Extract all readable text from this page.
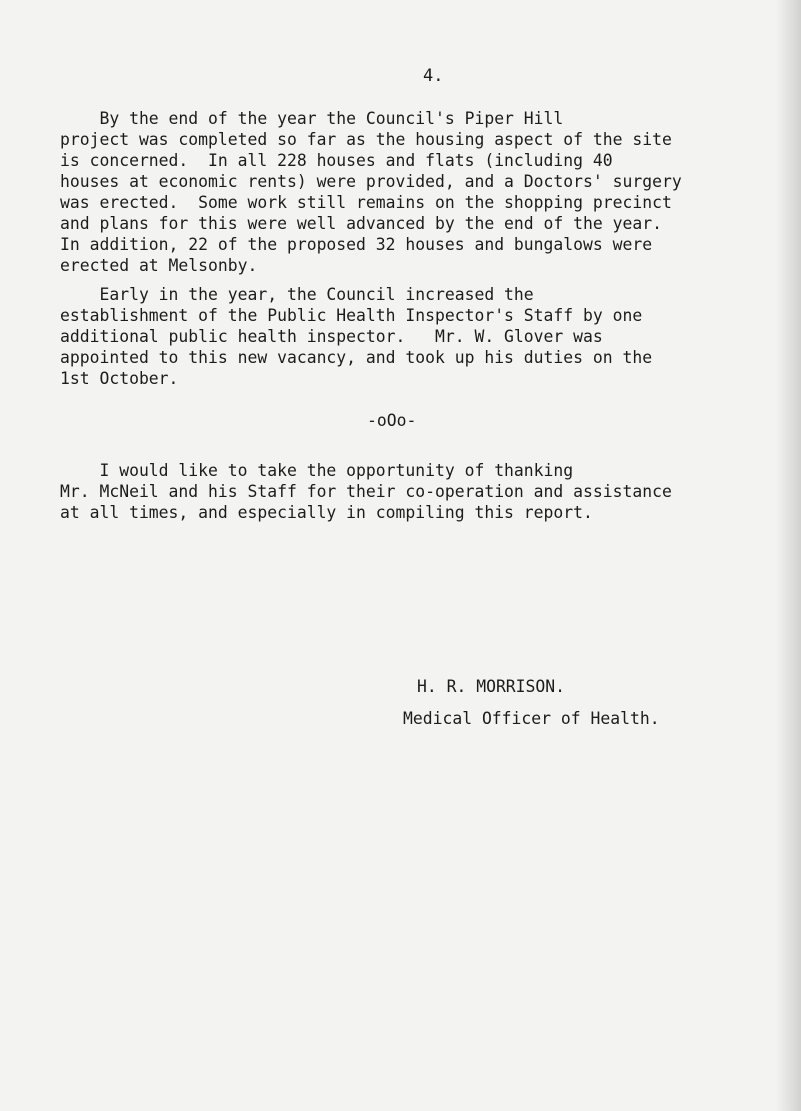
4.

By the end of the year the Council's Piper Hill
project was completed so far as the housing aspect of the site
is concerned.  In all 228 houses and flats (including 40
houses at economic rents) were provided, and a Doctors' surgery
was erected.  Some work still remains on the shopping precinct
and plans for this were well advanced by the end of the year.
In addition, 22 of the proposed 32 houses and bungalows were
erected at Melsonby.

Early in the year, the Council increased the
establishment of the Public Health Inspector's Staff by one
additional public health inspector.   Mr. W. Glover was
appointed to this new vacancy, and took up his duties on the
1st October.

-oOo-

I would like to take the opportunity of thanking
Mr. McNeil and his Staff for their co-operation and assistance
at all times, and especially in compiling this report.

H. R. MORRISON.
Medical Officer of Health.
